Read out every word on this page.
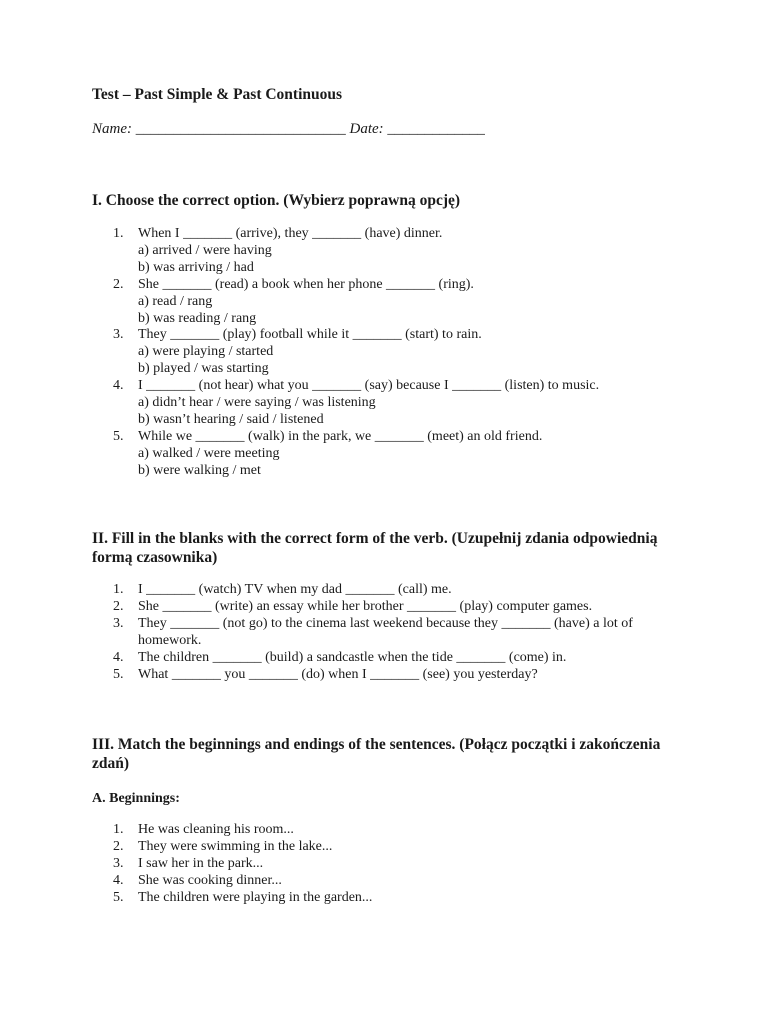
Test – Past Simple & Past Continuous
Name: ____________________________ Date: _____________
I. Choose the correct option. (Wybierz poprawną opcję)
1. When I _______ (arrive), they _______ (have) dinner.
a) arrived / were having
b) was arriving / had
2. She _______ (read) a book when her phone _______ (ring).
a) read / rang
b) was reading / rang
3. They _______ (play) football while it _______ (start) to rain.
a) were playing / started
b) played / was starting
4. I _______ (not hear) what you _______ (say) because I _______ (listen) to music.
a) didn’t hear / were saying / was listening
b) wasn’t hearing / said / listened
5. While we _______ (walk) in the park, we _______ (meet) an old friend.
a) walked / were meeting
b) were walking / met
II. Fill in the blanks with the correct form of the verb. (Uzupełnij zdania odpowiednią formą czasownika)
1. I _______ (watch) TV when my dad _______ (call) me.
2. She _______ (write) an essay while her brother _______ (play) computer games.
3. They _______ (not go) to the cinema last weekend because they _______ (have) a lot of homework.
4. The children _______ (build) a sandcastle when the tide _______ (come) in.
5. What _______ you _______ (do) when I _______ (see) you yesterday?
III. Match the beginnings and endings of the sentences. (Połącz początki i zakończenia zdań)
A. Beginnings:
1. He was cleaning his room...
2. They were swimming in the lake...
3. I saw her in the park...
4. She was cooking dinner...
5. The children were playing in the garden...
